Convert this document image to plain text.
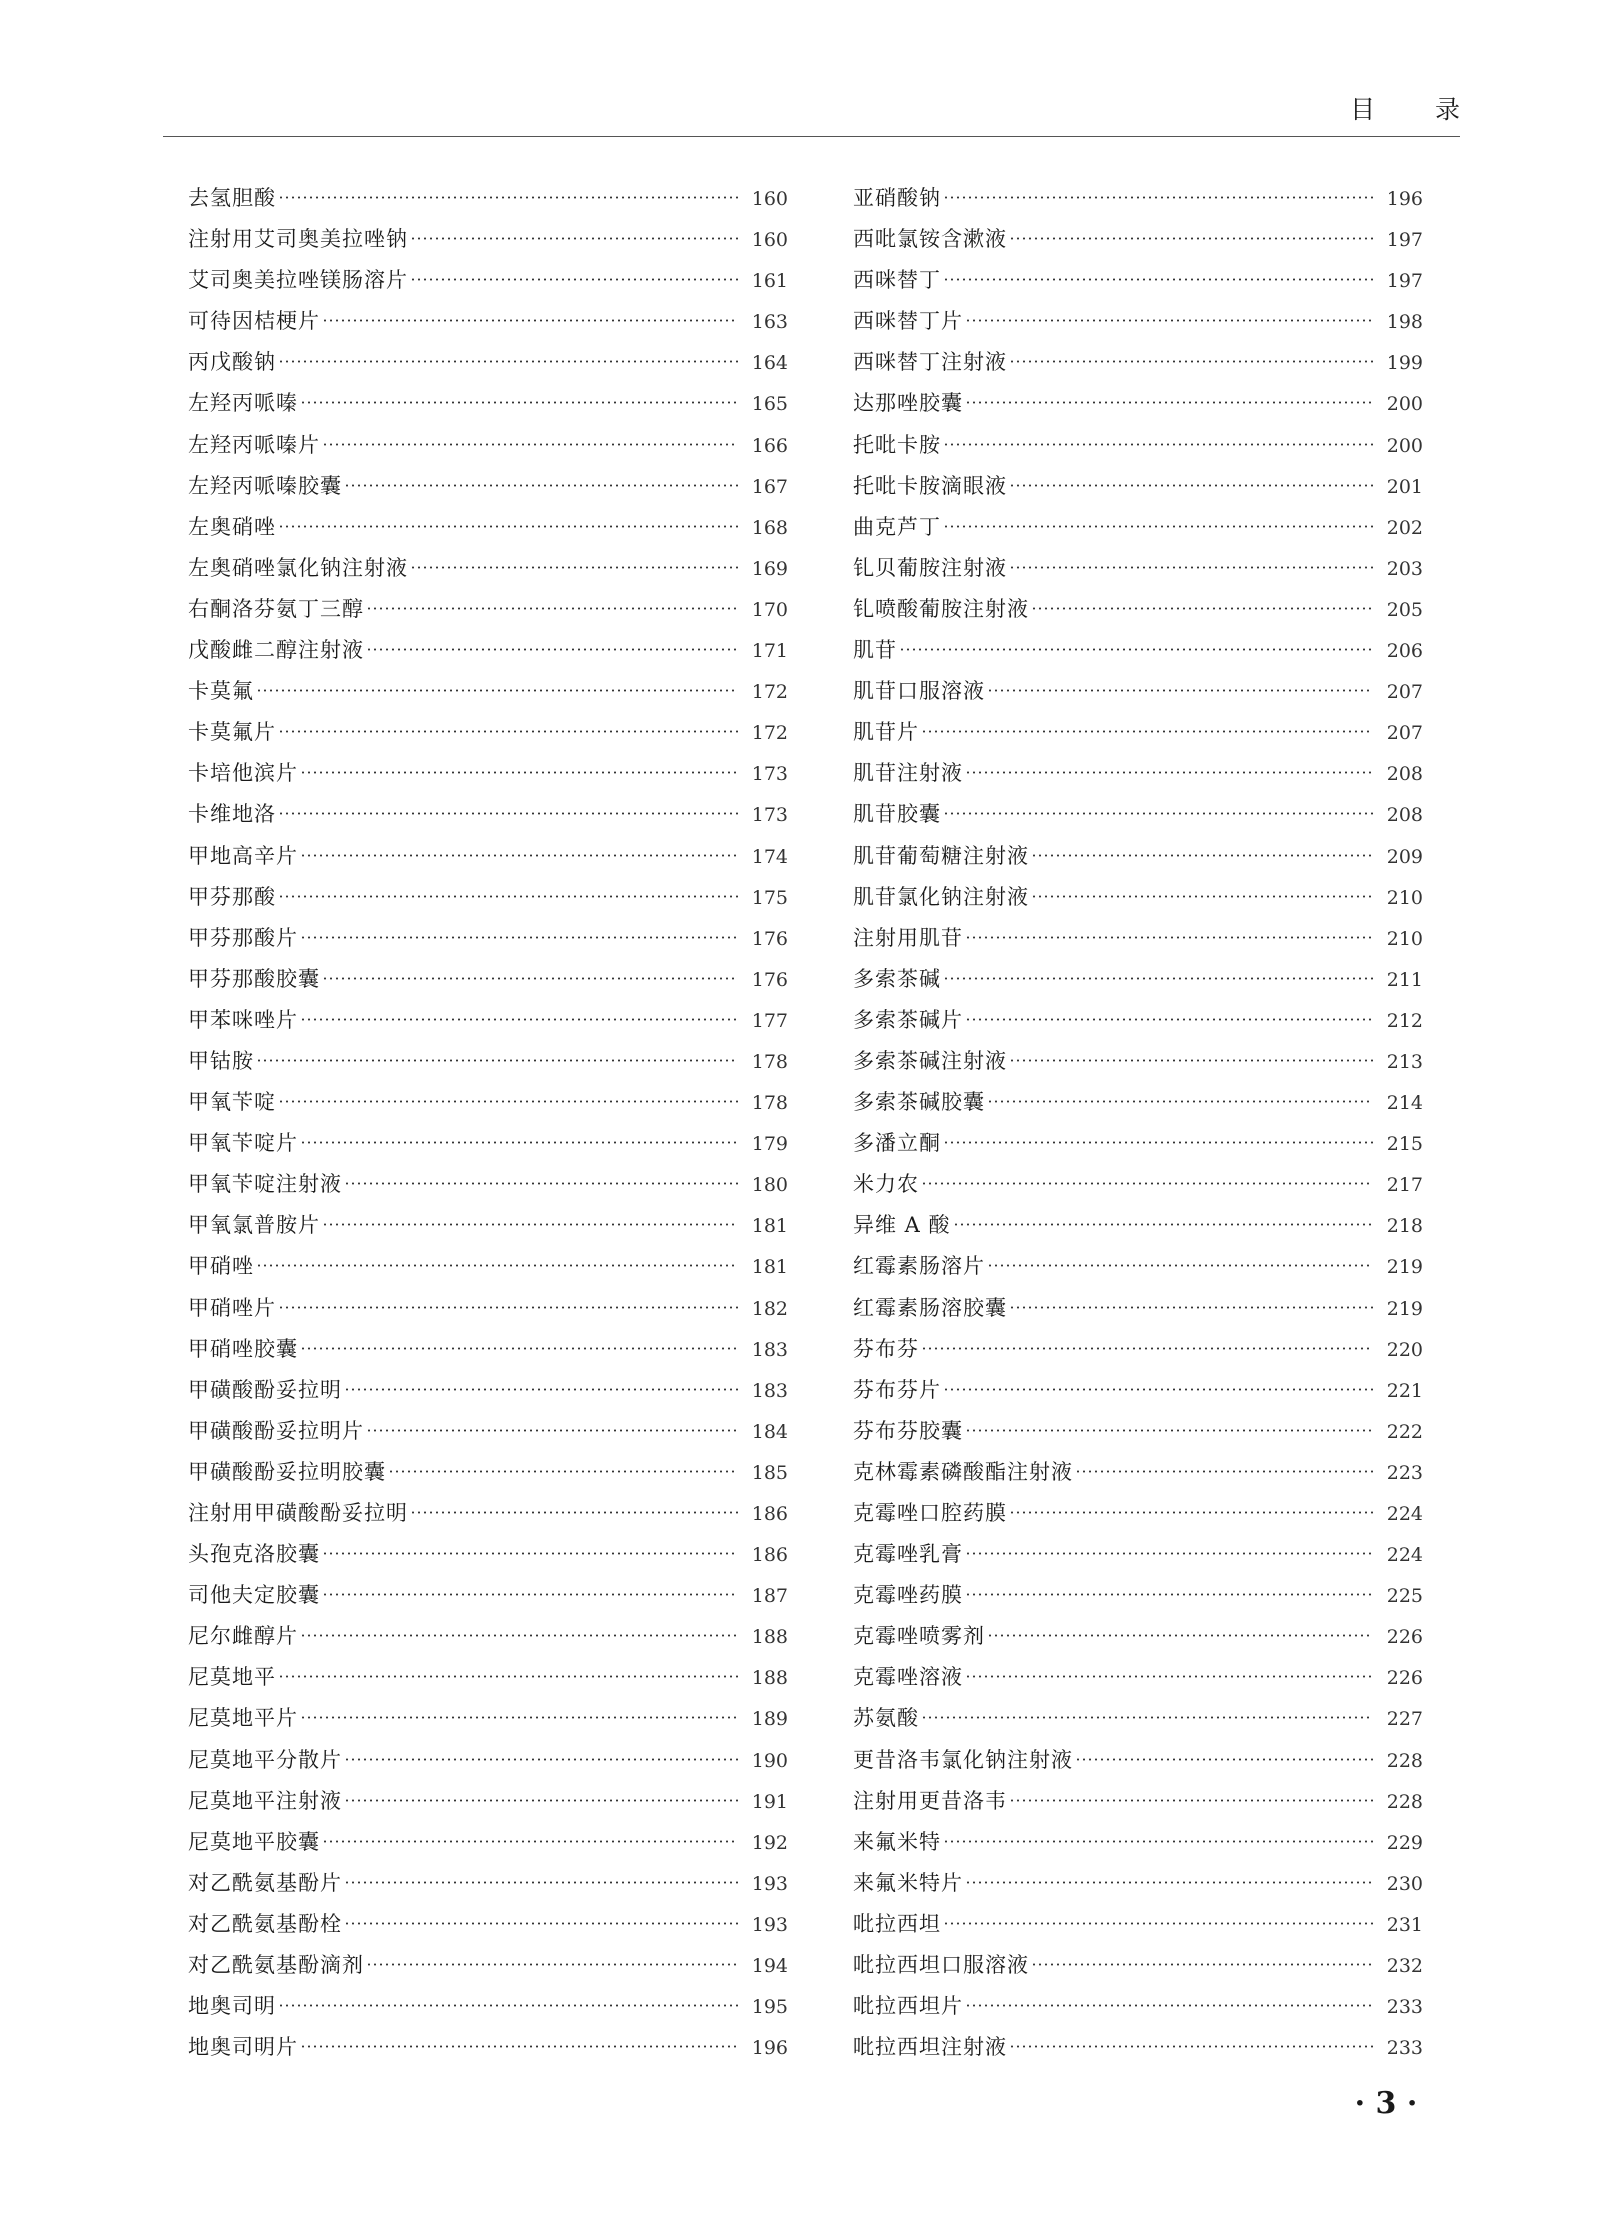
目 录
去氢胆酸	160
注射用艾司奥美拉唑钠	160
艾司奥美拉唑镁肠溶片	161
可待因桔梗片	163
丙戊酸钠	164
左羟丙哌嗪	165
左羟丙哌嗪片	166
左羟丙哌嗪胶囊	167
左奥硝唑	168
左奥硝唑氯化钠注射液	169
右酮洛芬氨丁三醇	170
戊酸雌二醇注射液	171
卡莫氟	172
卡莫氟片	172
卡培他滨片	173
卡维地洛	173
甲地高辛片	174
甲芬那酸	175
甲芬那酸片	176
甲芬那酸胶囊	176
甲苯咪唑片	177
甲钴胺	178
甲氧苄啶	178
甲氧苄啶片	179
甲氧苄啶注射液	180
甲氧氯普胺片	181
甲硝唑	181
甲硝唑片	182
甲硝唑胶囊	183
甲磺酸酚妥拉明	183
甲磺酸酚妥拉明片	184
甲磺酸酚妥拉明胶囊	185
注射用甲磺酸酚妥拉明	186
头孢克洛胶囊	186
司他夫定胶囊	187
尼尔雌醇片	188
尼莫地平	188
尼莫地平片	189
尼莫地平分散片	190
尼莫地平注射液	191
尼莫地平胶囊	192
对乙酰氨基酚片	193
对乙酰氨基酚栓	193
对乙酰氨基酚滴剂	194
地奥司明	195
地奥司明片	196
亚硝酸钠	196
西吡氯铵含漱液	197
西咪替丁	197
西咪替丁片	198
西咪替丁注射液	199
达那唑胶囊	200
托吡卡胺	200
托吡卡胺滴眼液	201
曲克芦丁	202
钆贝葡胺注射液	203
钆喷酸葡胺注射液	205
肌苷	206
肌苷口服溶液	207
肌苷片	207
肌苷注射液	208
肌苷胶囊	208
肌苷葡萄糖注射液	209
肌苷氯化钠注射液	210
注射用肌苷	210
多索茶碱	211
多索茶碱片	212
多索茶碱注射液	213
多索茶碱胶囊	214
多潘立酮	215
米力农	217
异维 A 酸	218
红霉素肠溶片	219
红霉素肠溶胶囊	219
芬布芬	220
芬布芬片	221
芬布芬胶囊	222
克林霉素磷酸酯注射液	223
克霉唑口腔药膜	224
克霉唑乳膏	224
克霉唑药膜	225
克霉唑喷雾剂	226
克霉唑溶液	226
苏氨酸	227
更昔洛韦氯化钠注射液	228
注射用更昔洛韦	228
来氟米特	229
来氟米特片	230
吡拉西坦	231
吡拉西坦口服溶液	232
吡拉西坦片	233
吡拉西坦注射液	233
· 3 ·
